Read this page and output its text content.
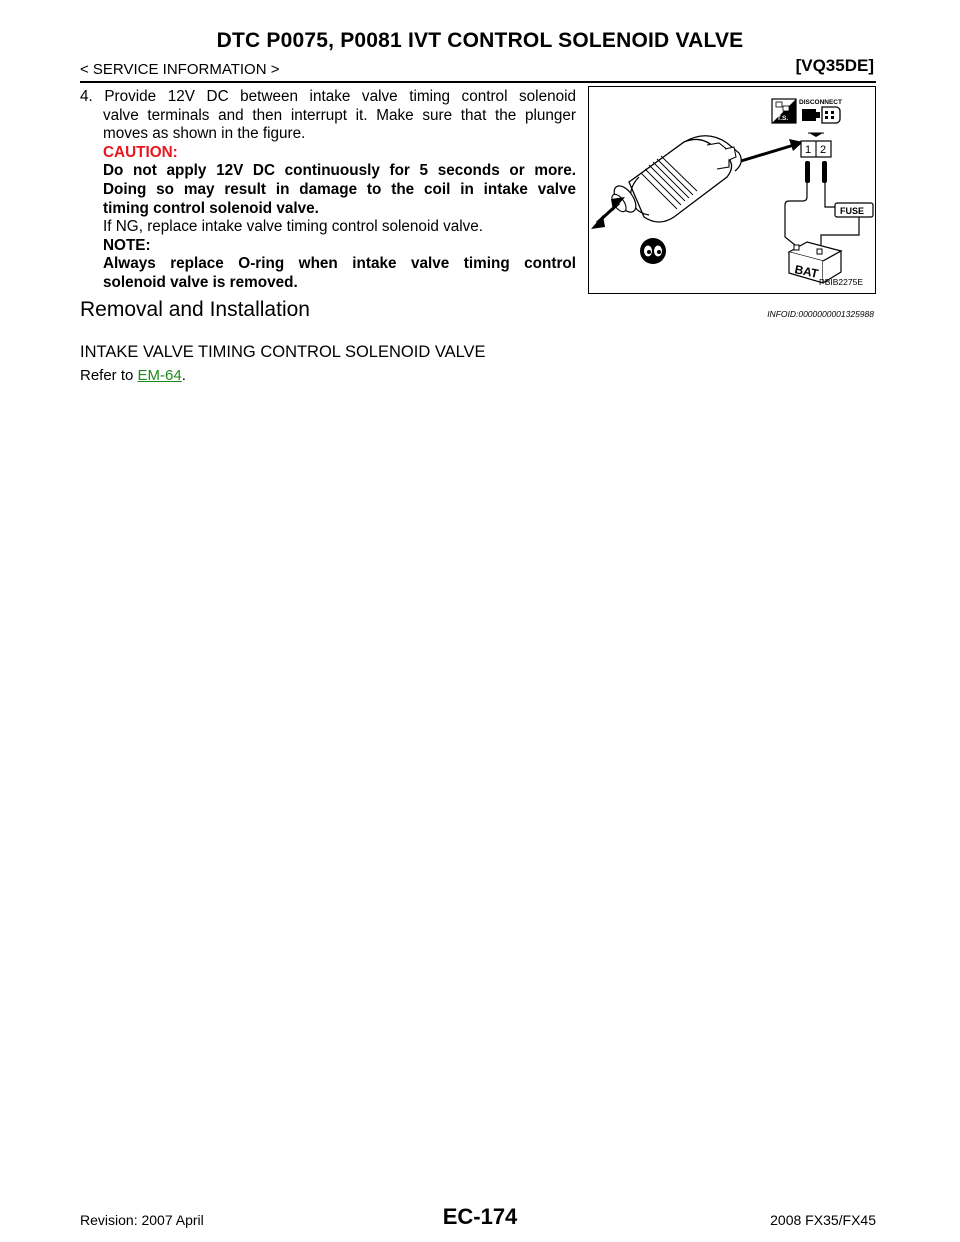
DTC P0075, P0081 IVT CONTROL SOLENOID VALVE
< SERVICE INFORMATION >	[VQ35DE]
4. Provide 12V DC between intake valve timing control solenoid
valve terminals and then interrupt it. Make sure that the plunger
moves as shown in the figure.
CAUTION:
Do not apply 12V DC continuously for 5 seconds or more.
Doing so may result in damage to the coil in intake valve
timing control solenoid valve.
If NG, replace intake valve timing control solenoid valve.
NOTE:
Always replace O-ring when intake valve timing control
solenoid valve is removed.
T.S.
DISCONNECT
1 2
FUSE
BAT
PBIB2275E
Removal and Installation	INFOID:0000000001325988
INTAKE VALVE TIMING CONTROL SOLENOID VALVE
Refer to EM-64.
Revision: 2007 April	EC-174	2008 FX35/FX45
